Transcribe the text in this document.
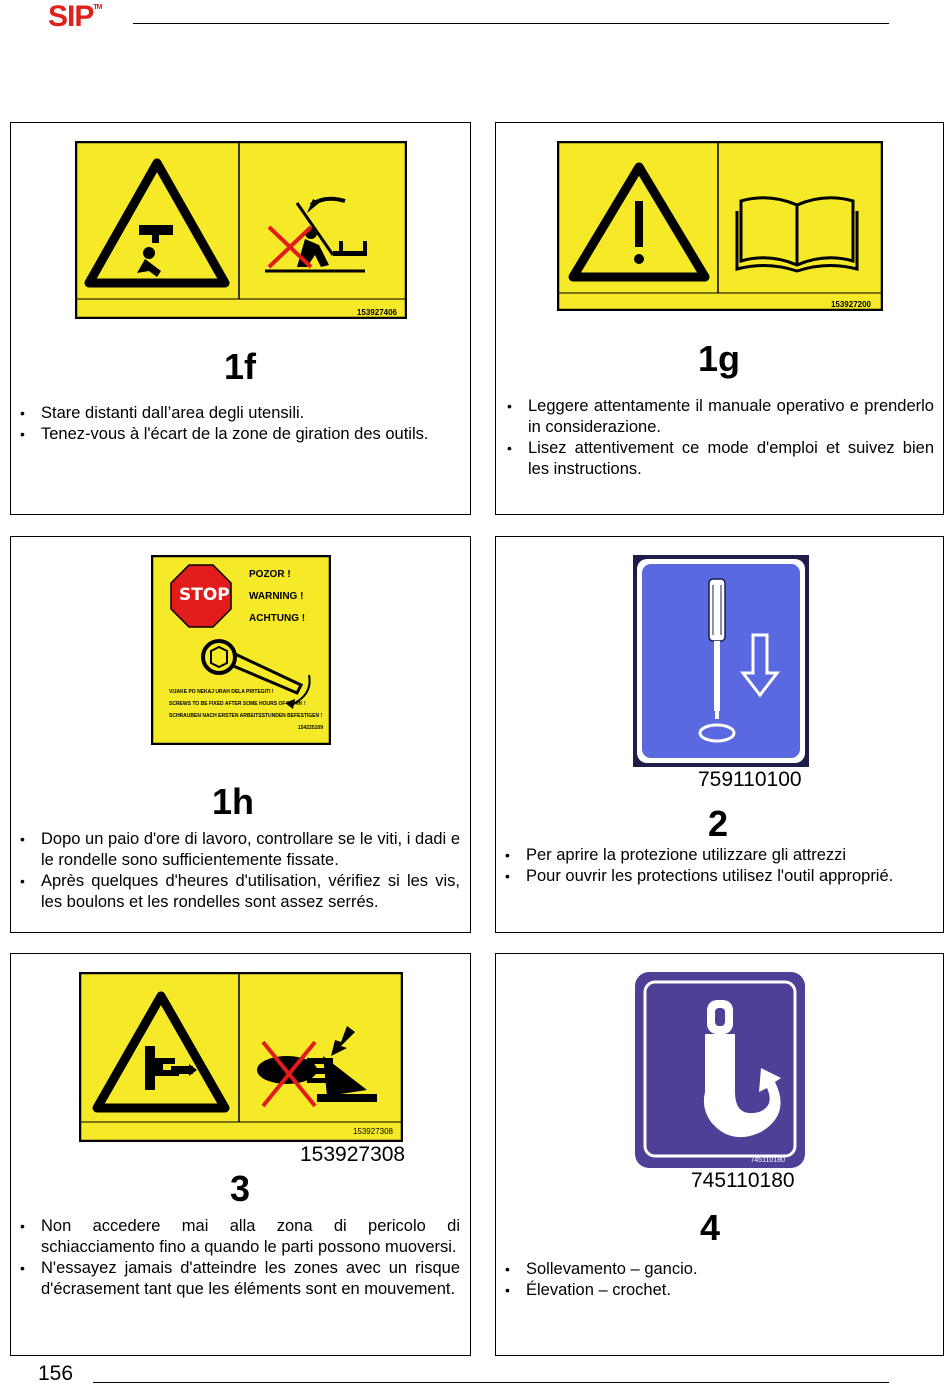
SIP™
153927406
1f
• Stare distanti dall’area degli utensili.
• Tenez-vous à l'écart de la zone de giration des outils.
153927200
1g
• Leggere attentamente il manuale operativo e prenderlo in considerazione.
• Lisez attentivement ce mode d'emploi et suivez bien les instructions.
STOP
POZOR !
WARNING !
ACHTUNG !
VIJAKE PO NEKAJ URAH DELA PRITEGITI !
SCREWS TO BE FIXED AFTER SOME HOURS OF WORK !
SCHRAUBEN NACH ERSTEN ARBEITSSTUNDEN BEFESTIGEN !
154225109
1h
• Dopo un paio d'ore di lavoro, controllare se le viti, i dadi e le rondelle sono sufficientemente fissate.
• Après quelques d'heures d'utilisation, vérifiez si les vis, les boulons et les rondelles sont assez serrés.
759110100
2
• Per aprire la protezione utilizzare gli attrezzi
• Pour ouvrir les protections utilisez l'outil approprié.
153927308
153927308
3
• Non accedere mai alla zona di pericolo di schiacciamento fino a quando le parti possono muoversi.
• N'essayez jamais d'atteindre les zones avec un risque d'écrasement tant que les éléments sont en mouvement.
745110180
745110180
4
• Sollevamento – gancio.
• Élevation – crochet.
156
